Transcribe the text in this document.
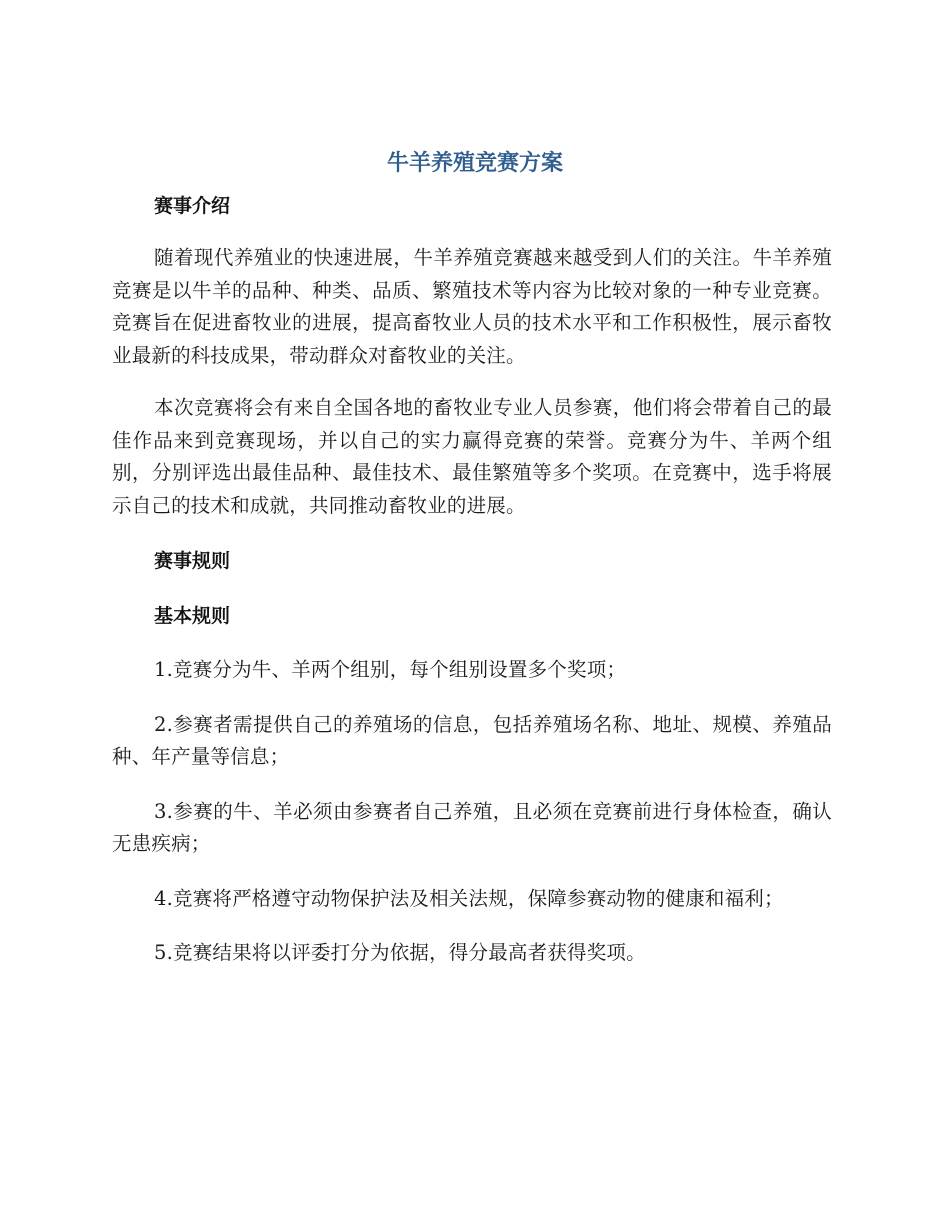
牛羊养殖竞赛方案
赛事介绍

随着现代养殖业的快速进展，牛羊养殖竞赛越来越受到人们的关注。牛羊养殖竞赛是以牛羊的品种、种类、品质、繁殖技术等内容为比较对象的一种专业竞赛。竞赛旨在促进畜牧业的进展，提高畜牧业人员的技术水平和工作积极性，展示畜牧业最新的科技成果，带动群众对畜牧业的关注。

本次竞赛将会有来自全国各地的畜牧业专业人员参赛，他们将会带着自己的最佳作品来到竞赛现场，并以自己的实力赢得竞赛的荣誉。竞赛分为牛、羊两个组别，分别评选出最佳品种、最佳技术、最佳繁殖等多个奖项。在竞赛中，选手将展示自己的技术和成就，共同推动畜牧业的进展。

赛事规则
基本规则

1.竞赛分为牛、羊两个组别，每个组别设置多个奖项；

2.参赛者需提供自己的养殖场的信息，包括养殖场名称、地址、规模、养殖品种、年产量等信息；

3.参赛的牛、羊必须由参赛者自己养殖，且必须在竞赛前进行身体检查，确认无患疾病；

4.竞赛将严格遵守动物保护法及相关法规，保障参赛动物的健康和福利；

5.竞赛结果将以评委打分为依据，得分最高者获得奖项。
